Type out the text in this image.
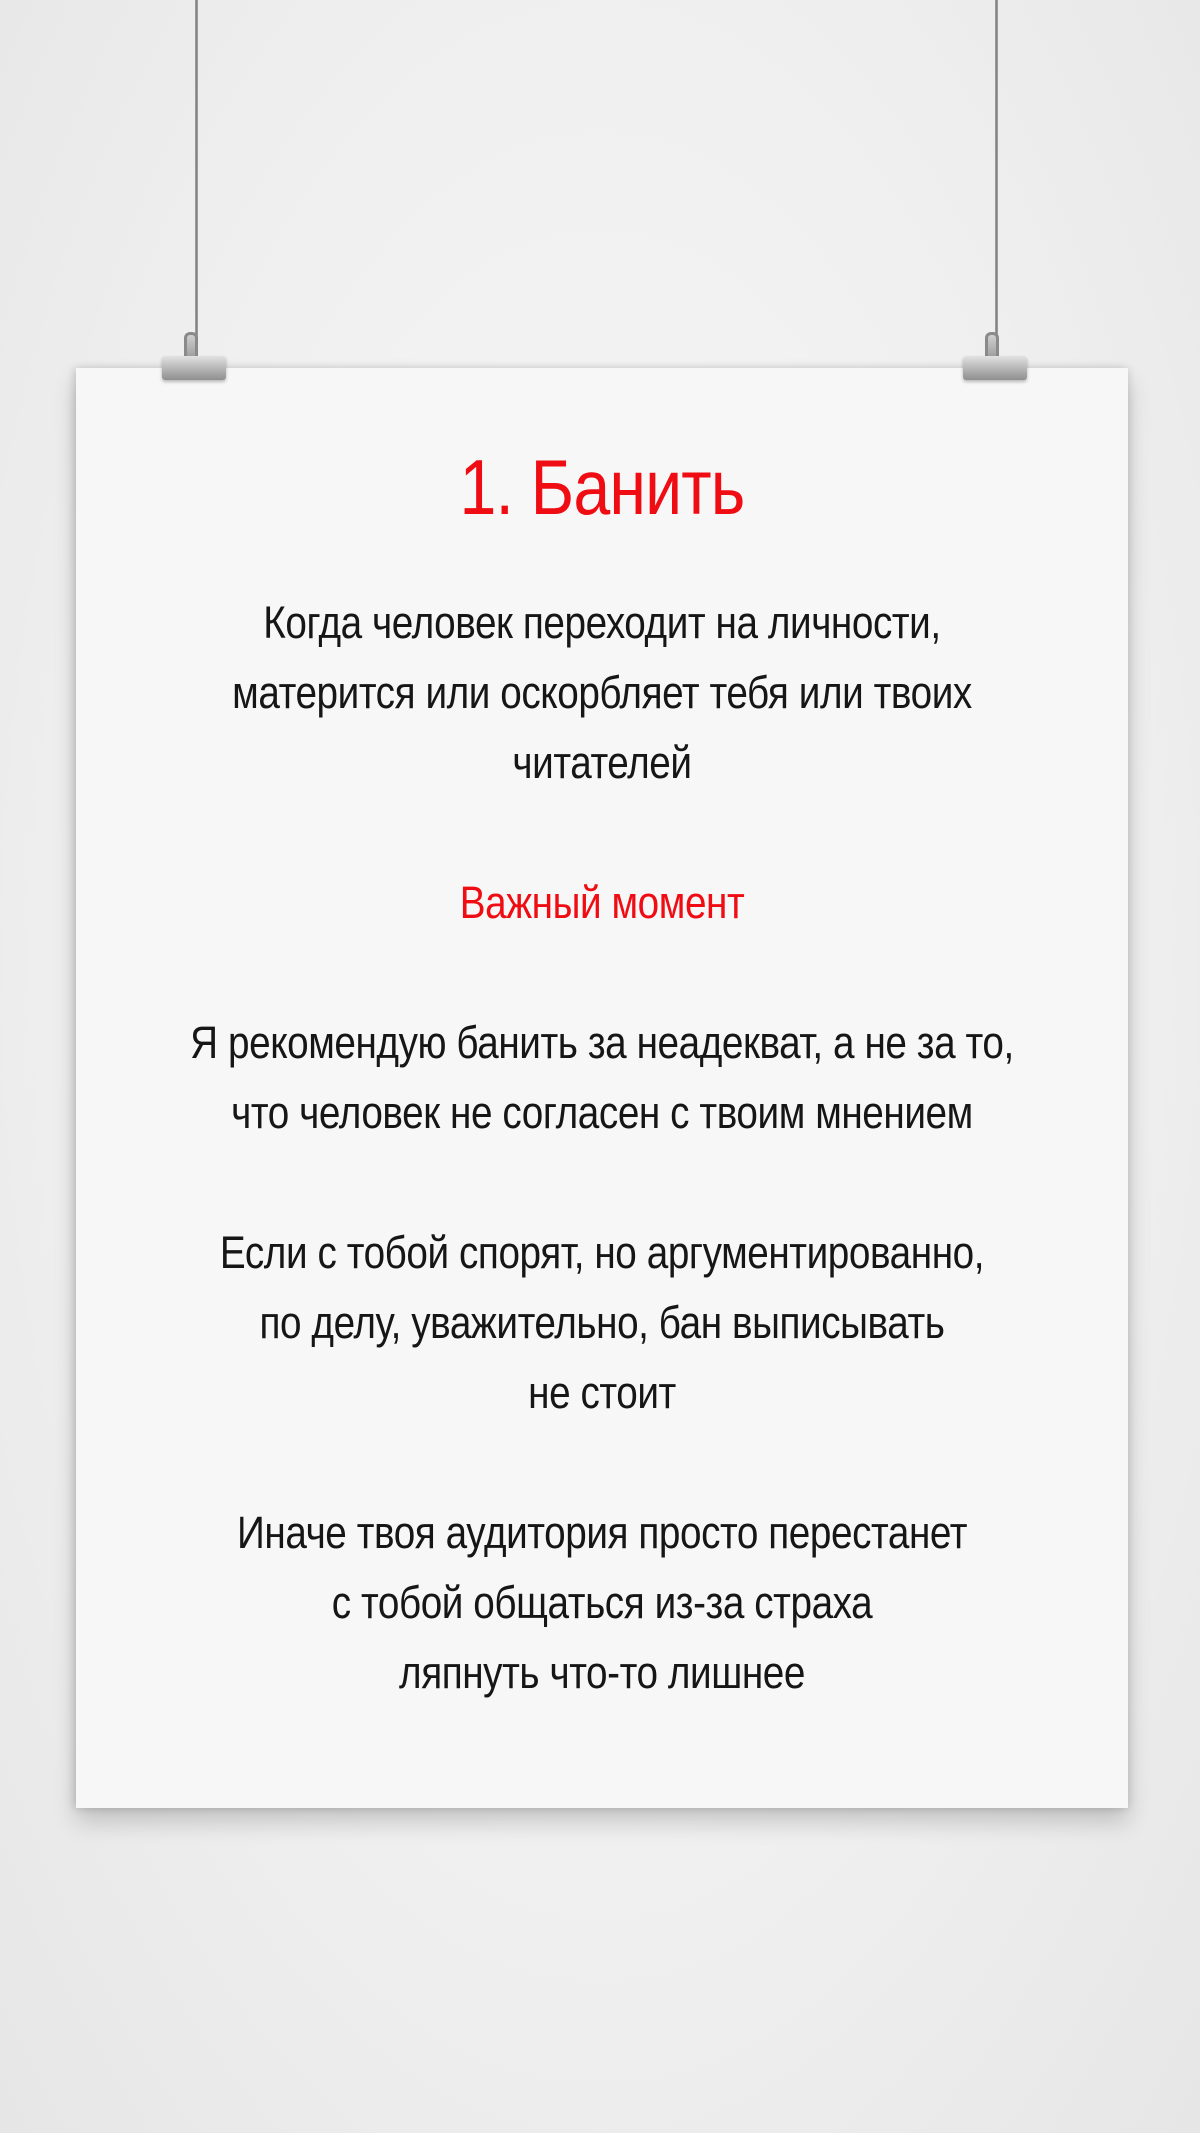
1. Банить
Когда человек переходит на личности,
матерится или оскорбляет тебя или твоих
читателей
Важный момент
Я рекомендую банить за неадекват, а не за то,
что человек не согласен с твоим мнением
Если с тобой спорят, но аргументированно,
по делу, уважительно, бан выписывать
не стоит
Иначе твоя аудитория просто перестанет
с тобой общаться из-за страха
ляпнуть что-то лишнее
